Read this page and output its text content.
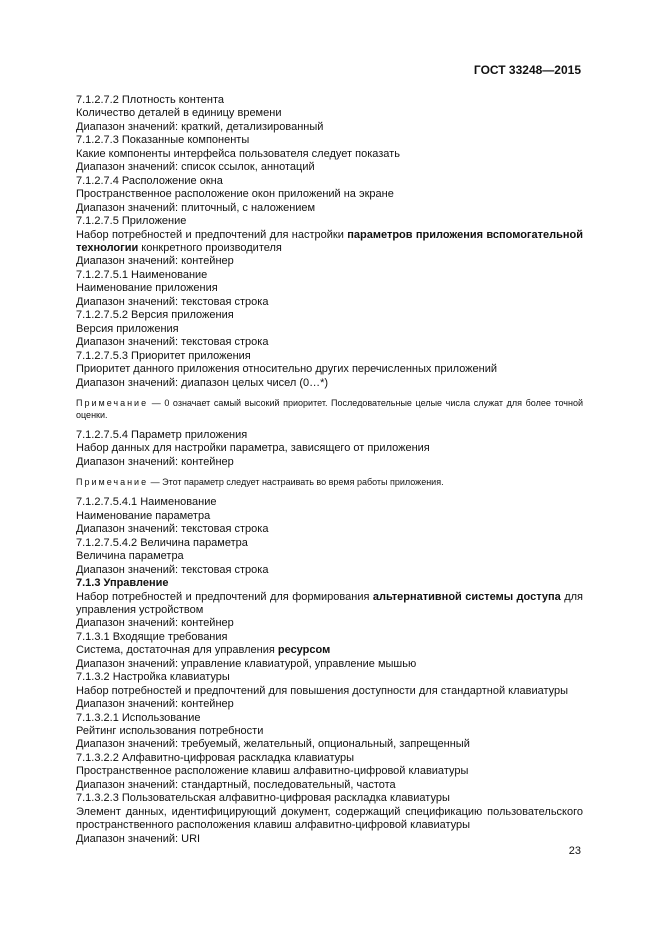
ГОСТ 33248—2015
7.1.2.7.2 Плотность контента
Количество деталей в единицу времени
Диапазон значений: краткий, детализированный
7.1.2.7.3 Показанные компоненты
Какие компоненты интерфейса пользователя следует показать
Диапазон значений: список ссылок, аннотаций
7.1.2.7.4 Расположение окна
Пространственное расположение окон приложений на экране
Диапазон значений: плиточный, с наложением
7.1.2.7.5 Приложение
Набор потребностей и предпочтений для настройки параметров приложения вспомогательной технологии конкретного производителя
Диапазон значений: контейнер
7.1.2.7.5.1 Наименование
Наименование приложения
Диапазон значений: текстовая строка
7.1.2.7.5.2 Версия приложения
Версия приложения
Диапазон значений: текстовая строка
7.1.2.7.5.3 Приоритет приложения
Приоритет данного приложения относительно других перечисленных приложений
Диапазон значений: диапазон целых чисел (0…*)
Примечание — 0 означает самый высокий приоритет. Последовательные целые числа служат для более точной оценки.
7.1.2.7.5.4 Параметр приложения
Набор данных для настройки параметра, зависящего от приложения
Диапазон значений: контейнер
Примечание — Этот параметр следует настраивать во время работы приложения.
7.1.2.7.5.4.1 Наименование
Наименование параметра
Диапазон значений: текстовая строка
7.1.2.7.5.4.2 Величина параметра
Величина параметра
Диапазон значений: текстовая строка
7.1.3 Управление
Набор потребностей и предпочтений для формирования альтернативной системы доступа для управления устройством
Диапазон значений: контейнер
7.1.3.1 Входящие требования
Система, достаточная для управления ресурсом
Диапазон значений: управление клавиатурой, управление мышью
7.1.3.2 Настройка клавиатуры
Набор потребностей и предпочтений для повышения доступности для стандартной клавиатуры
Диапазон значений: контейнер
7.1.3.2.1 Использование
Рейтинг использования потребности
Диапазон значений: требуемый, желательный, опциональный, запрещенный
7.1.3.2.2 Алфавитно-цифровая раскладка клавиатуры
Пространственное расположение клавиш алфавитно-цифровой клавиатуры
Диапазон значений: стандартный, последовательный, частота
7.1.3.2.3 Пользовательская алфавитно-цифровая раскладка клавиатуры
Элемент данных, идентифицирующий документ, содержащий спецификацию пользовательского пространственного расположения клавиш алфавитно-цифровой клавиатуры
Диапазон значений: URI
23
